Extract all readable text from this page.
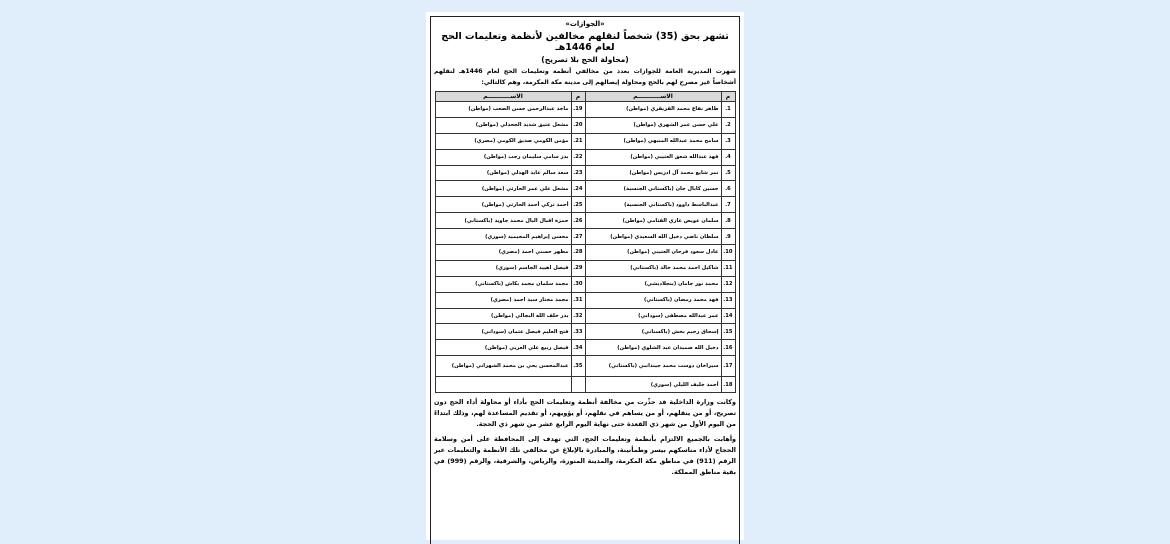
«الجوازات»
تشهر بحق (35) شخصاً لنقلهم مخالفين لأنظمة وتعليمات الحج لعام 1446هـ
(محاولة الحج بلا تصريح)
شهرت المديرية العامة للجوازات بعدد من مخالفي أنظمة وتعليمات الحج لعام 1446هـ لنقلهم أشخاصاً غير مصرح لهم بالحج ومحاولة إيصالهم إلى مدينة مكة المكرمة، وهم كالتالي:
م	الاســـــــــــم	م	الاســـــــــــم
1.	طاهر نفاع محمد القريقري (مواطن)	19.	ماجد عبدالرحمن حسن الصعب (مواطن)
2.	علي حسن عمر الشهري (مواطن)	20.	مشعل عتيق شديد الجحدلي (مواطن)
3.	سامح محمد عبدالله المنبهي (مواطن)	21.	مؤمن الكومي صديق الكومي (مصري)
4.	فهد عبدالله شعق العتيبي (مواطن)	22.	بدر سامي سليمان رجب (مواطن)
5.	نمر شايع محمد آل ادريس (مواطن)	23.	سعد سالم عايد الهذلي (مواطن)
6.	حسين كابال جان (باكستاني الجنسية)	24.	مشعل علي عمر الحارثي (مواطن)
7.	عبدالباسط داوود (باكستاني الجنسية)	25.	أحمد تركي أحمد الحارثي (مواطن)
8.	سلمان عويض غازي القثامي (مواطن)	26.	حمزة اقبال البال محمد جاويد (باكستاني)
9.	سلطان ناضي دخيل الله السعيدي (مواطن)	27.	محسن إبراهيم المحيميد (سوري)
10.	عادل سعود فرحان العتيبي (مواطن)	28.	مظهر حسني احمد (مصري)
11.	شاكيل احمد محمد خالد (باكستاني)	29.	فيصل اهييد الجاسم (سوري)
12.	محمد نور جامان (بنجلاديشي)	30.	محمد سلمان محمد بكاش (باكستاني)
13.	فهد محمد رمضان (باكستاني)	31.	محمد مختار سيد احمد (مصري)
14.	عمر عبدالله مصطفى (سوداني)	32.	بدر خلف الله البجالي (مواطن)
15.	إسحاق رحيم بخش (باكستاني)	33.	فتح العليم فيصل عثمان (سوداني)
16.	دخيل الله صميدان عبد الشلوي (مواطن)	34.	فيصل ربيع علي العربي (مواطن)
17.	سيراخان دوست محمد جيندانبي (باكستاني)	35.	عبدالمحسن يحي بن محمد الشهراني (مواطن)
18.	أحمد خليف الليلي (سوري)		
وكانت وزارة الداخلية قد حذّرت من مخالفة أنظمة وتعليمات الحج بأداء أو محاولة أداء الحج دون تصريح، أو من ينقلهم، أو من يساهم في نقلهم، أو يؤويهم، أو تقديم المساعدة لهم، وذلك ابتداءً من اليوم الأول من شهر ذي القعدة حتى نهاية اليوم الرابع عشر من شهر ذي الحجة.
وأهابت بالجميع الالتزام بأنظمة وتعليمات الحج، التي تهدف إلى المحافظة على أمن وسلامة الحجاج لأداء مناسكهم بيسر وطمأنينة، والمبادرة بالإبلاغ عن مخالفي تلك الأنظمة والتعليمات عبر الرقم (911) في مناطق مكة المكرمة، والمدينة المنورة، والرياض، والشرقية، والرقم (999) في بقية مناطق المملكة.
